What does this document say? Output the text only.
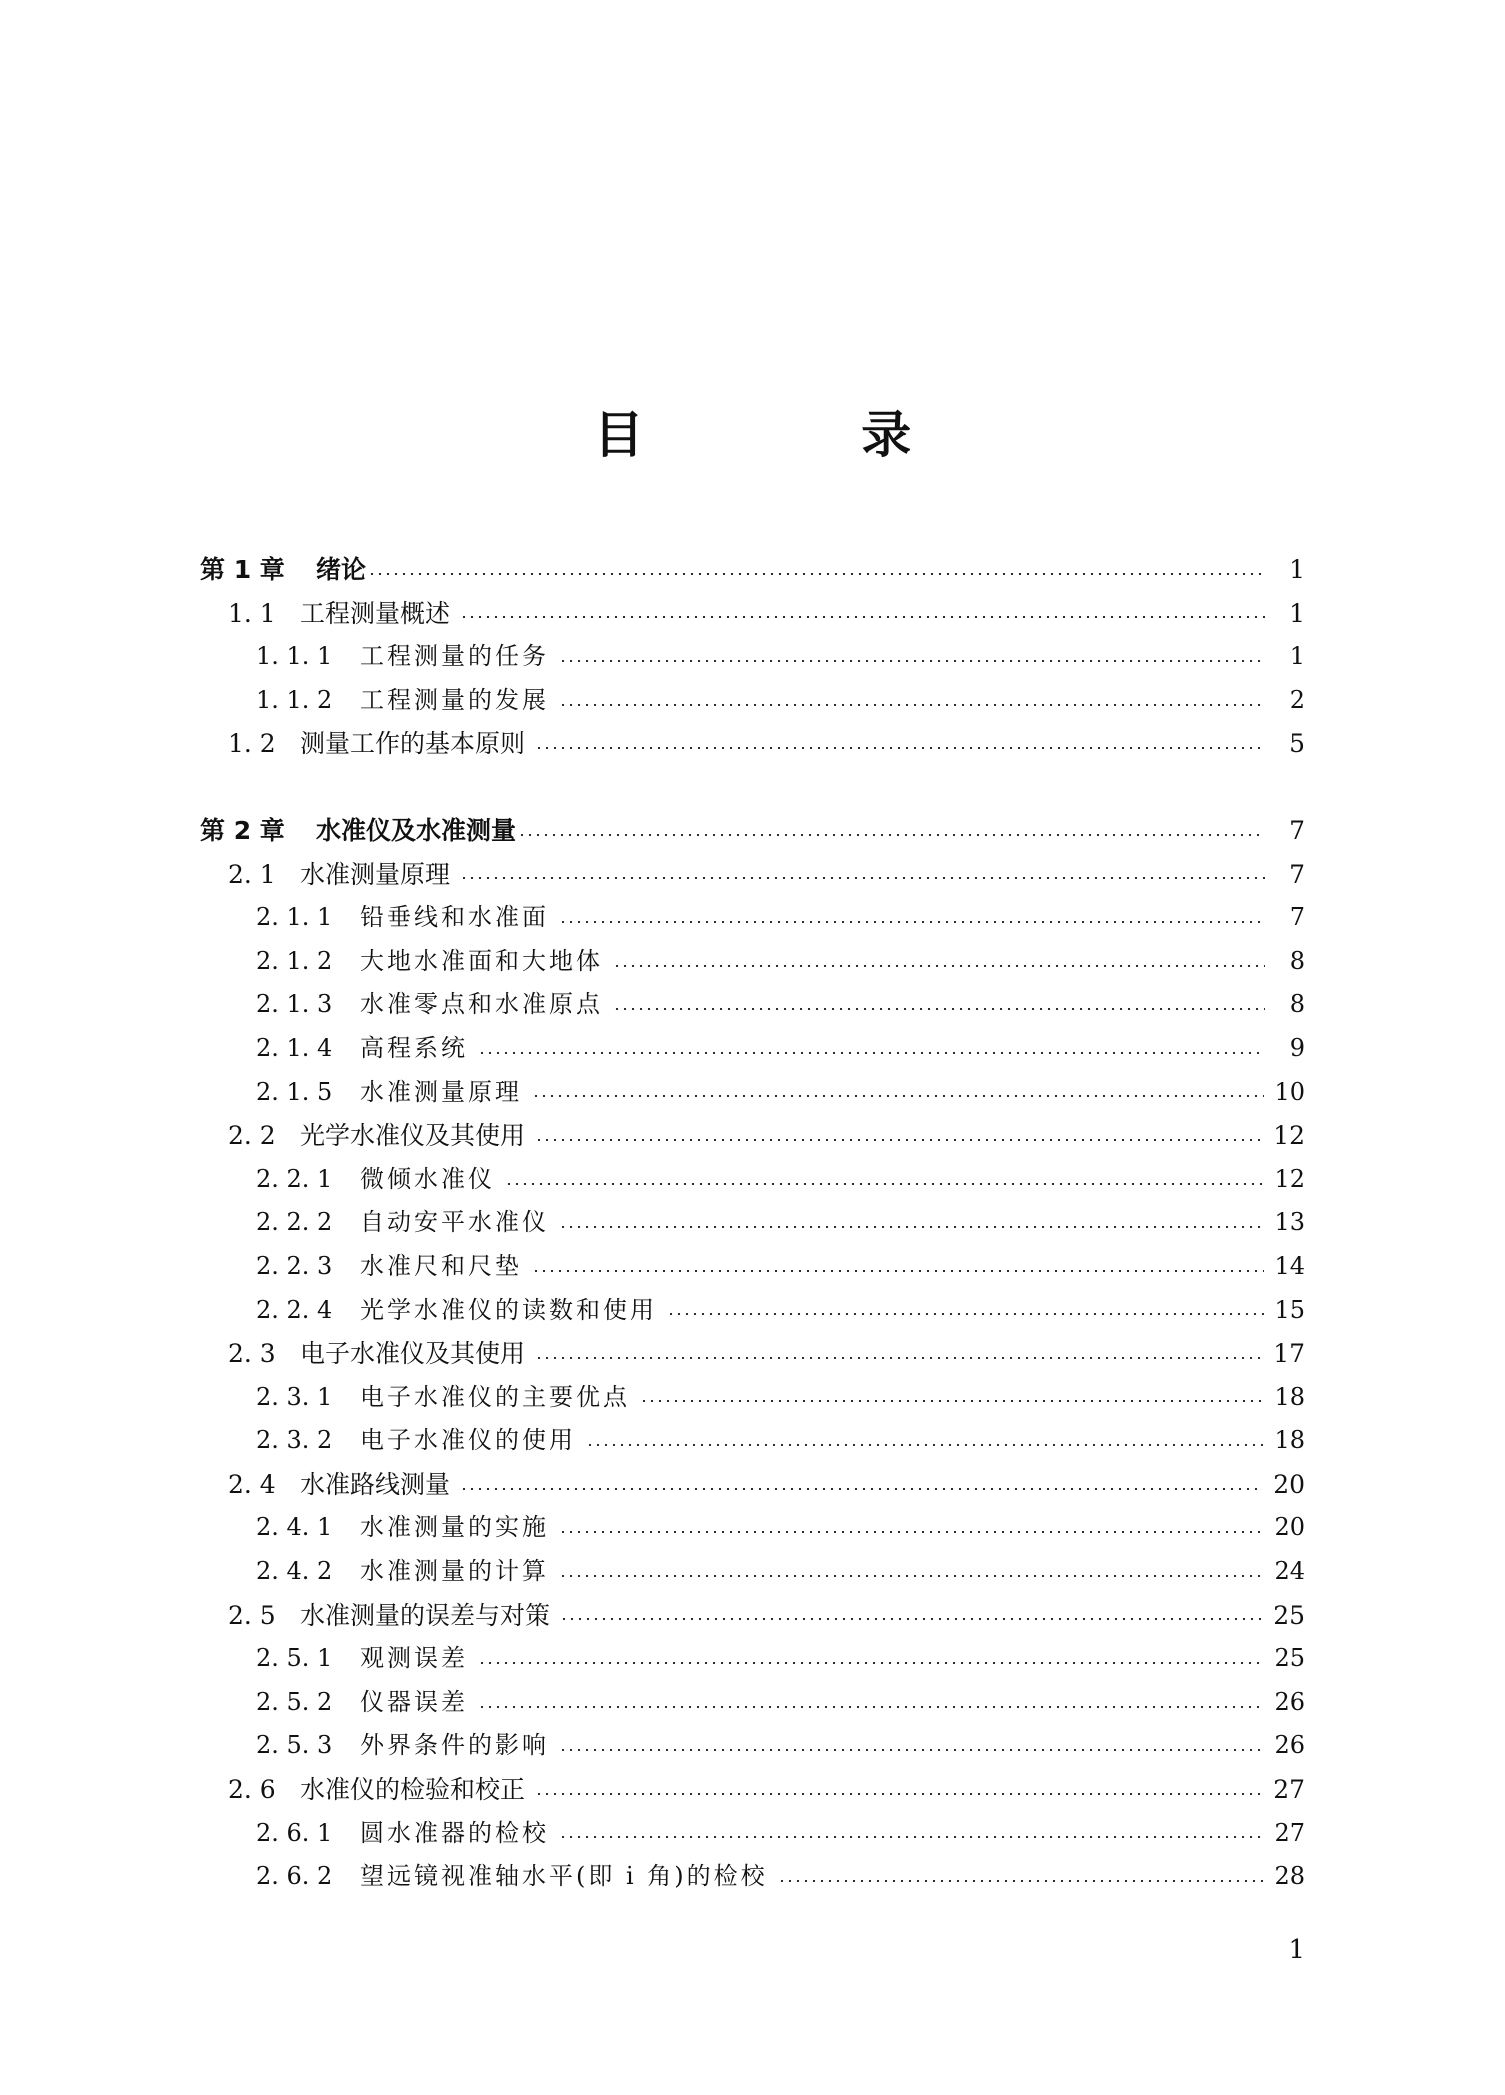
目 录
第 1 章	绪论	1
1. 1 工程测量概述	1
1. 1. 1	工程测量的任务	1
1. 1. 2	工程测量的发展	2
1. 2 测量工作的基本原则	5
第 2 章	水准仪及水准测量	7
2. 1 水准测量原理	7
2. 1. 1	铅垂线和水准面	7
2. 1. 2	大地水准面和大地体	8
2. 1. 3	水准零点和水准原点	8
2. 1. 4	高程系统	9
2. 1. 5	水准测量原理	10
2. 2 光学水准仪及其使用	12
2. 2. 1	微倾水准仪	12
2. 2. 2	自动安平水准仪	13
2. 2. 3	水准尺和尺垫	14
2. 2. 4	光学水准仪的读数和使用	15
2. 3 电子水准仪及其使用	17
2. 3. 1	电子水准仪的主要优点	18
2. 3. 2	电子水准仪的使用	18
2. 4 水准路线测量	20
2. 4. 1	水准测量的实施	20
2. 4. 2	水准测量的计算	24
2. 5 水准测量的误差与对策	25
2. 5. 1	观测误差	25
2. 5. 2	仪器误差	26
2. 5. 3	外界条件的影响	26
2. 6 水准仪的检验和校正	27
2. 6. 1	圆水准器的检校	27
2. 6. 2	望远镜视准轴水平(即 i 角)的检校	28
1
